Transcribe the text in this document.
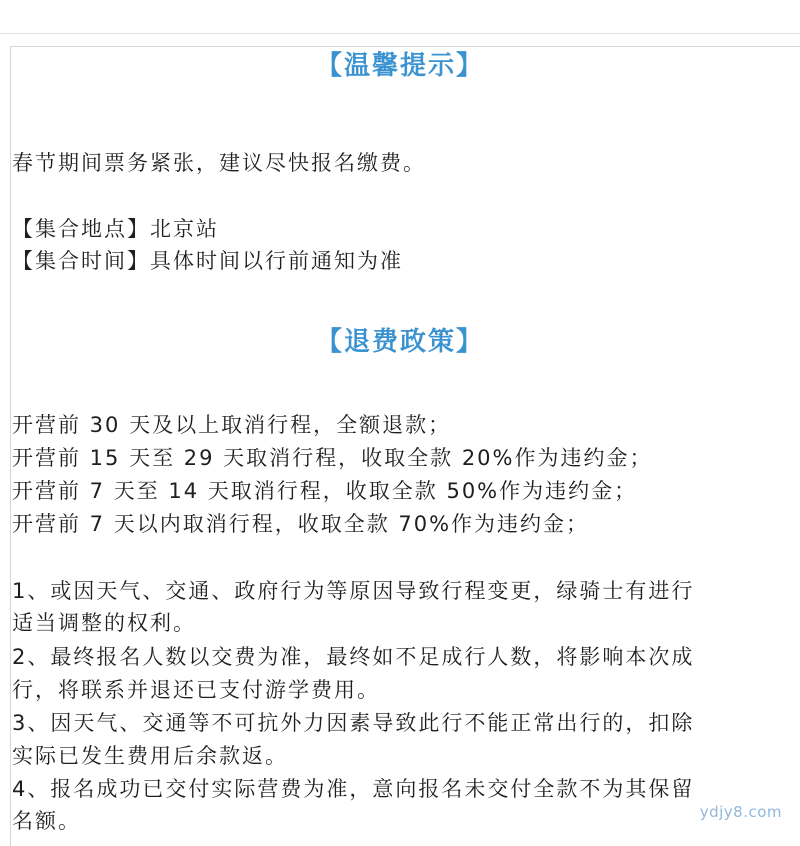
【温馨提示】
春节期间票务紧张，建议尽快报名缴费。
【集合地点】北京站
【集合时间】具体时间以行前通知为准
【退费政策】
开营前 30 天及以上取消行程，全额退款；
开营前 15 天至 29 天取消行程，收取全款 20%作为违约金；
开营前 7 天至 14 天取消行程，收取全款 50%作为违约金；
开营前 7 天以内取消行程，收取全款 70%作为违约金；
1、或因天气、交通、政府行为等原因导致行程变更，绿骑士有进行
适当调整的权利。
2、最终报名人数以交费为准，最终如不足成行人数，将影响本次成
行，将联系并退还已支付游学费用。
3、因天气、交通等不可抗外力因素导致此行不能正常出行的，扣除
实际已发生费用后余款返。
4、报名成功已交付实际营费为准，意向报名未交付全款不为其保留
名额。	ydjy8.com
